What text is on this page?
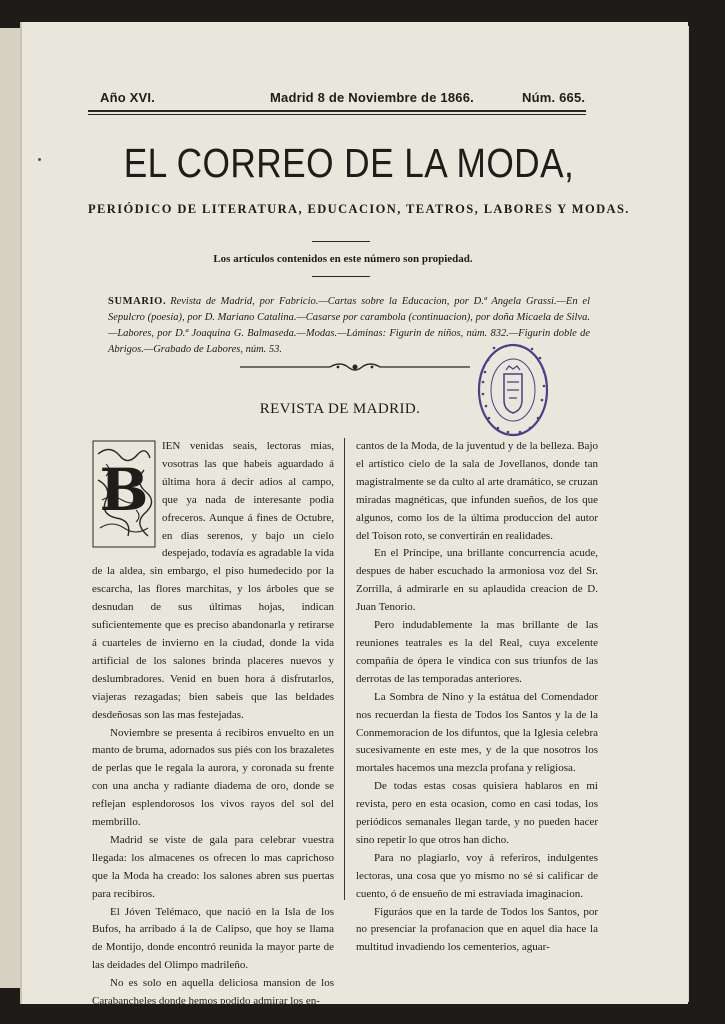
Año XVI.	Madrid 8 de Noviembre de 1866.	Núm. 665.
EL CORREO DE LA MODA,
PERIÓDICO DE LITERATURA, EDUCACION, TEATROS, LABORES Y MODAS.
Los artículos contenidos en este número son propiedad.
SUMARIO. Revista de Madrid, por Fabricio.—Cartas sobre la Educacion, por D.ª Angela Grassi.—En el Sepulcro (poesía), por D. Mariano Catalina.—Casarse por carambola (continuacion), por doña Micaela de Silva.—Labores, por D.ª Joaquina G. Balmaseda.—Modas.—Láminas: Figurin de niños, núm. 832.—Figurin doble de Abrigos.—Grabado de Labores, núm. 53.
REVISTA DE MADRID.
B

IEN venidas seais, lectoras mias, vosotras las que habeis aguardado á última hora á decir adios al campo, que ya nada de interesante podia ofreceros. Aunque á fines de Octubre, en dias serenos, y bajo un cielo despejado, todavía es agradable la vida de la aldea, sin embargo, el piso humedecido por la escarcha, las flores marchitas, y los árboles que se desnudan de sus últimas hojas, indican suficientemente que es preciso abandonarla y retirarse á cuarteles de invierno en la ciudad, donde la vida artificial de los salones brinda placeres nuevos y deslumbradores. Venid en buen hora á disfrutarlos, viajeras rezagadas; bien sabeis que las beldades desdeñosas son las mas festejadas.

Noviembre se presenta á recibiros envuelto en un manto de bruma, adornados sus piés con los brazaletes de perlas que le regala la aurora, y coronada su frente con una ancha y radiante diadema de oro, donde se reflejan esplendorosos los vivos rayos del sol del membrillo.

Madrid se viste de gala para celebrar vuestra llegada: los almacenes os ofrecen lo mas caprichoso que la Moda ha creado: los salones abren sus puertas para recibiros.

El Jóven Telémaco, que nació en la Isla de los Bufos, ha arribado á la de Calipso, que hoy se llama de Montijo, donde encontró reunida la mayor parte de las deidades del Olimpo madrileño.

No es solo en aquella deliciosa mansion de los Carabancheles donde hemos podido admirar los en-

cantos de la Moda, de la juventud y de la belleza. Bajo el artístico cielo de la sala de Jovellanos, donde tan magistralmente se da culto al arte dramático, se cruzan miradas magnéticas, que infunden sueños, de los que algunos, como los de la última produccion del autor del Toison roto, se convertirán en realidades.

En el Príncipe, una brillante concurrencia acude, despues de haber escuchado la armoniosa voz del Sr. Zorrilla, á admirarle en su aplaudida creacion de D. Juan Tenorio.

Pero indudablemente la mas brillante de las reuniones teatrales es la del Real, cuya excelente compañía de ópera le vindica con sus triunfos de las derrotas de las temporadas anteriores.

La Sombra de Nino y la estátua del Comendador nos recuerdan la fiesta de Todos los Santos y la de la Conmemoracion de los difuntos, que la Iglesia celebra sucesivamente en este mes, y de la que nosotros los mortales hacemos una mezcla profana y religiosa.

De todas estas cosas quisiera hablaros en mi revista, pero en esta ocasion, como en casi todas, los periódicos semanales llegan tarde, y no pueden hacer sino repetir lo que otros han dicho.

Para no plagiarlo, voy á referiros, indulgentes lectoras, una cosa que yo mismo no sé si calificar de cuento, ó de ensueño de mi estraviada imaginacion.

Figuráos que en la tarde de Todos los Santos, por no presenciar la profanacion que en aquel dia hace la multitud invadiendo los cementerios, aguar-
